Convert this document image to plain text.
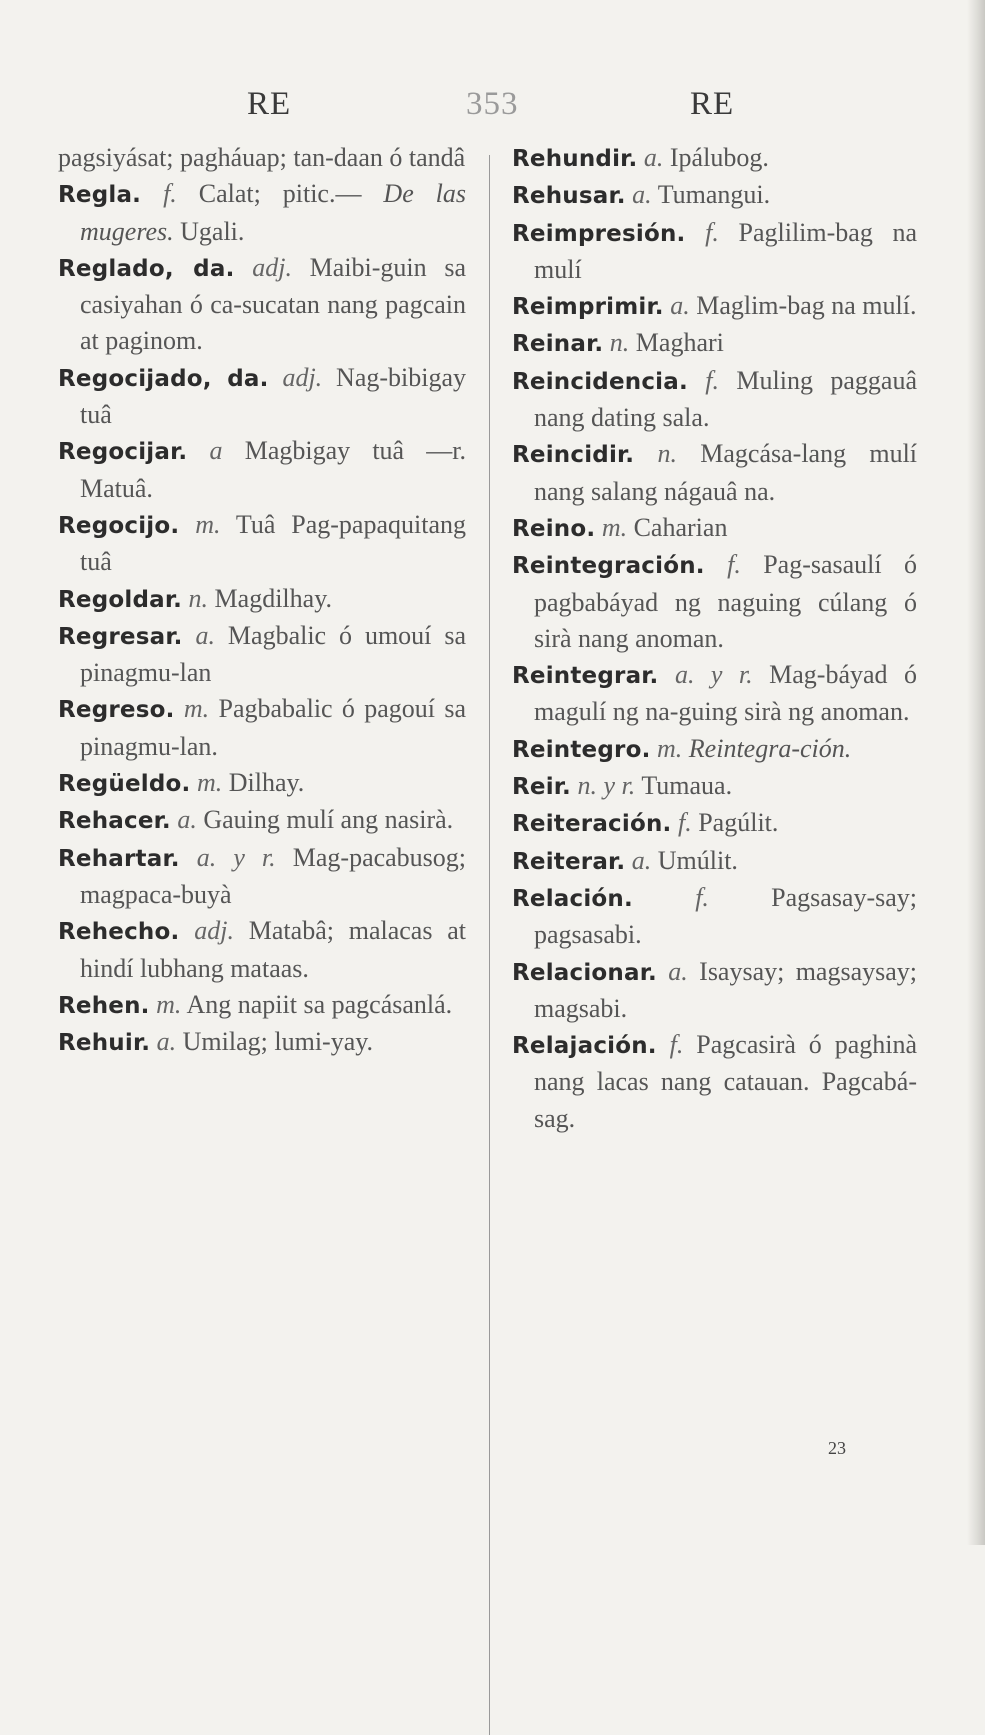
RE	353	RE

pagsiyásat; pagháuap; tan-daan ó tandâ

Regla. f. Calat; pitic.— De las mugeres. Ugali.

Reglado, da. adj. Maibi-guin sa casiyahan ó ca-sucatan nang pagcain at paginom.

Regocijado, da. adj. Nag-bibigay tuâ

Regocijar. a Magbigay tuâ —r. Matuâ.

Regocijo. m. Tuâ Pag-papaquitang tuâ

Regoldar. n. Magdilhay.

Regresar. a. Magbalic ó umouí sa pinagmu-lan

Regreso. m. Pagbabalic ó pagouí sa pinagmu-lan.

Regüeldo. m. Dilhay.

Rehacer. a. Gauing mulí ang nasirà.

Rehartar. a. y r. Mag-pacabusog; magpaca-buyà

Rehecho. adj. Matabâ; malacas at hindí lubhang mataas.

Rehen. m. Ang napiit sa pagcásanlá.

Rehuir. a. Umilag; lumi-yay.

Rehundir. a. Ipálubog.

Rehusar. a. Tumangui.

Reimpresión. f. Paglilim-bag na mulí

Reimprimir. a. Maglim-bag na mulí.

Reinar. n. Maghari

Reincidencia. f. Muling paggauâ nang dating sala.

Reincidir. n. Magcása-lang mulí nang salang nágauâ na.

Reino. m. Caharian

Reintegración. f. Pag-sasaulí ó pagbabáyad ng naguing cúlang ó sirà nang anoman.

Reintegrar. a. y r. Mag-báyad ó magulí ng na-guing sirà ng anoman.

Reintegro. m. Reintegra-ción.

Reir. n. y r. Tumaua.

Reiteración. f. Pagúlit.

Reiterar. a. Umúlit.

Relación. f. Pagsasay-say; pagsasabi.

Relacionar. a. Isaysay; magsaysay; magsabi.

Relajación. f. Pagcasirà ó paghinà nang lacas nang catauan. Pagcabá-sag.

23
